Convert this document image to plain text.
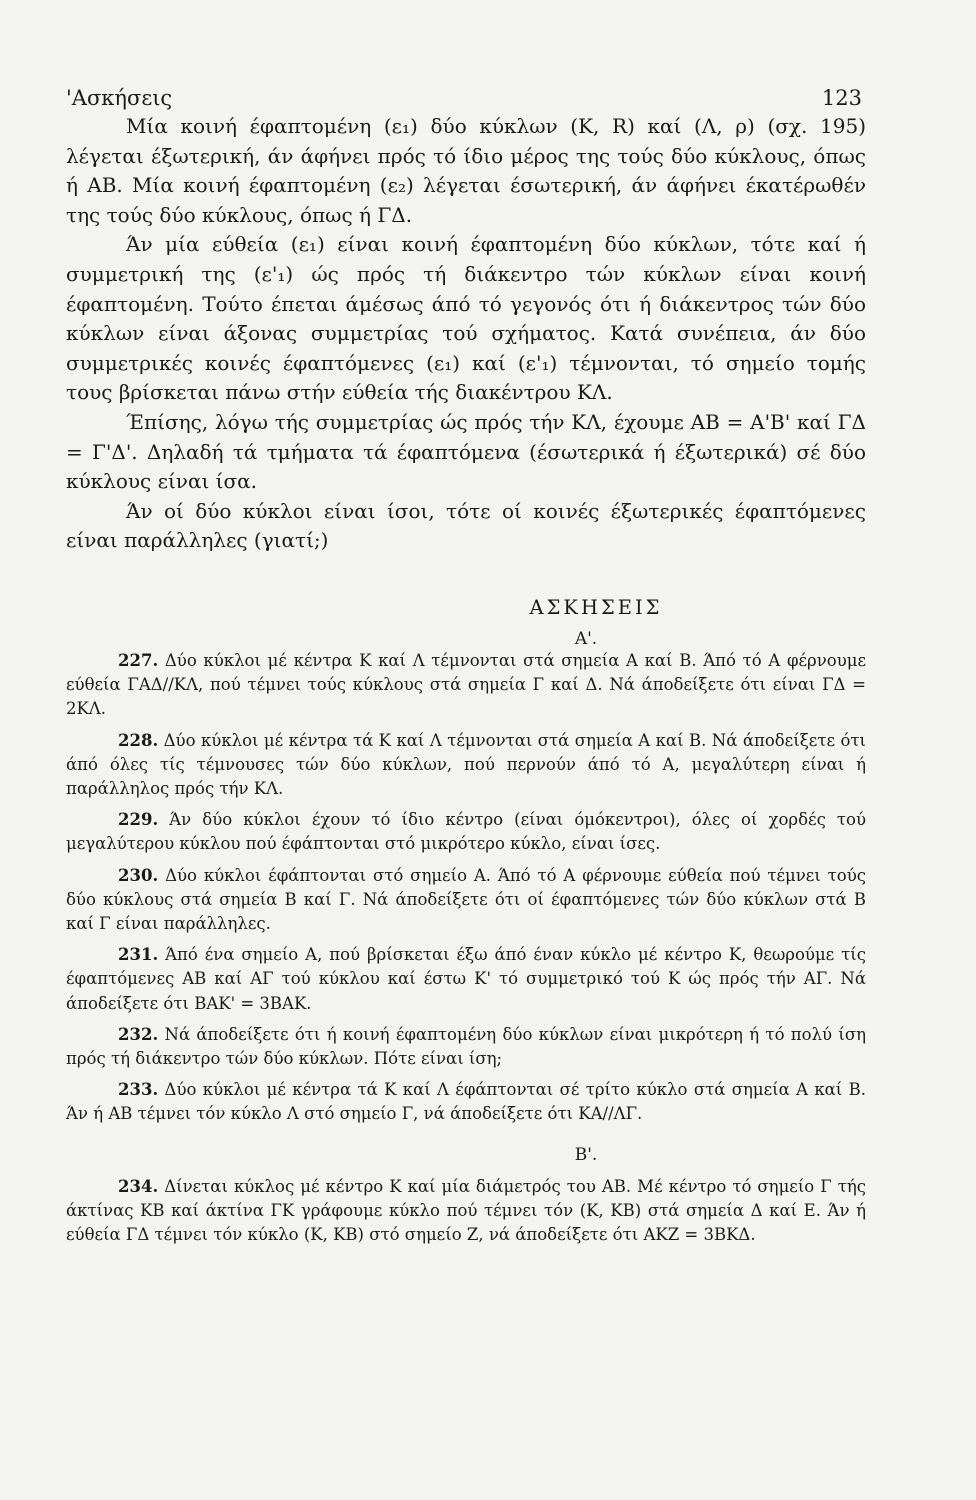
'Ασκήσεις	123

Μία κοινή έφαπτομένη (ε₁) δύο κύκλων (Κ, R) καί (Λ, ρ) (σχ. 195) λέγεται έξωτερική, άν άφήνει πρός τό ίδιο μέρος της τούς δύο κύκλους, όπως ή ΑΒ. Μία κοινή έφαπτομένη (ε₂) λέγεται έσωτερική, άν άφήνει έκατέρωθέν της τούς δύο κύκλους, όπως ή ΓΔ.

Άν μία εύθεία (ε₁) είναι κοινή έφαπτομένη δύο κύκλων, τότε καί ή συμμετρική της (ε'₁) ώς πρός τή διάκεντρο τών κύκλων είναι κοινή έφαπτομένη. Τούτο έπεται άμέσως άπό τό γεγονός ότι ή διάκεντρος τών δύο κύκλων είναι άξονας συμμετρίας τού σχήματος. Κατά συνέπεια, άν δύο συμμετρικές κοινές έφαπτόμενες (ε₁) καί (ε'₁) τέμνονται, τό σημείο τομής τους βρίσκεται πάνω στήν εύθεία τής διακέντρου ΚΛ.

Έπίσης, λόγω τής συμμετρίας ώς πρός τήν ΚΛ, έχουμε ΑΒ = Α'Β' καί ΓΔ = Γ'Δ'. Δηλαδή τά τμήματα τά έφαπτόμενα (έσωτερικά ή έξωτερικά) σέ δύο κύκλους είναι ίσα.

Άν οί δύο κύκλοι είναι ίσοι, τότε οί κοινές έξωτερικές έφαπτόμενες είναι παράλληλες (γιατί;)

ΑΣΚΗΣΕΙΣ
Α'.

227. Δύο κύκλοι μέ κέντρα Κ καί Λ τέμνονται στά σημεία Α καί Β. Άπό τό Α φέρνουμε εύθεία ΓΑΔ//ΚΛ, πού τέμνει τούς κύκλους στά σημεία Γ καί Δ. Νά άποδείξετε ότι είναι ΓΔ = 2ΚΛ.

228. Δύο κύκλοι μέ κέντρα τά Κ καί Λ τέμνονται στά σημεία Α καί Β. Νά άποδείξετε ότι άπό όλες τίς τέμνουσες τών δύο κύκλων, πού περνούν άπό τό Α, μεγαλύτερη είναι ή παράλληλος πρός τήν ΚΛ.

229. Άν δύο κύκλοι έχουν τό ίδιο κέντρο (είναι όμόκεντροι), όλες οί χορδές τού μεγαλύτερου κύκλου πού έφάπτονται στό μικρότερο κύκλο, είναι ίσες.

230. Δύο κύκλοι έφάπτονται στό σημείο Α. Άπό τό Α φέρνουμε εύθεία πού τέμνει τούς δύο κύκλους στά σημεία Β καί Γ. Νά άποδείξετε ότι οί έφαπτόμενες τών δύο κύκλων στά Β καί Γ είναι παράλληλες.

231. Άπό ένα σημείο Α, πού βρίσκεται έξω άπό έναν κύκλο μέ κέντρο Κ, θεωρούμε τίς έφαπτόμενες ΑΒ καί ΑΓ τού κύκλου καί έστω Κ' τό συμμετρικό τού Κ ώς πρός τήν ΑΓ. Νά άποδείξετε ότι ΒΑΚ' = 3ΒΑΚ.

232. Νά άποδείξετε ότι ή κοινή έφαπτομένη δύο κύκλων είναι μικρότερη ή τό πολύ ίση πρός τή διάκεντρο τών δύο κύκλων. Πότε είναι ίση;

233. Δύο κύκλοι μέ κέντρα τά Κ καί Λ έφάπτονται σέ τρίτο κύκλο στά σημεία Α καί Β. Άν ή ΑΒ τέμνει τόν κύκλο Λ στό σημείο Γ, νά άποδείξετε ότι ΚΑ//ΛΓ.

Β'.

234. Δίνεται κύκλος μέ κέντρο Κ καί μία διάμετρός του ΑΒ. Μέ κέντρο τό σημείο Γ τής άκτίνας ΚΒ καί άκτίνα ΓΚ γράφουμε κύκλο πού τέμνει τόν (Κ, ΚΒ) στά σημεία Δ καί Ε. Άν ή εύθεία ΓΔ τέμνει τόν κύκλο (Κ, ΚΒ) στό σημείο Ζ, νά άποδείξετε ότι ΑΚΖ = 3ΒΚΔ.
